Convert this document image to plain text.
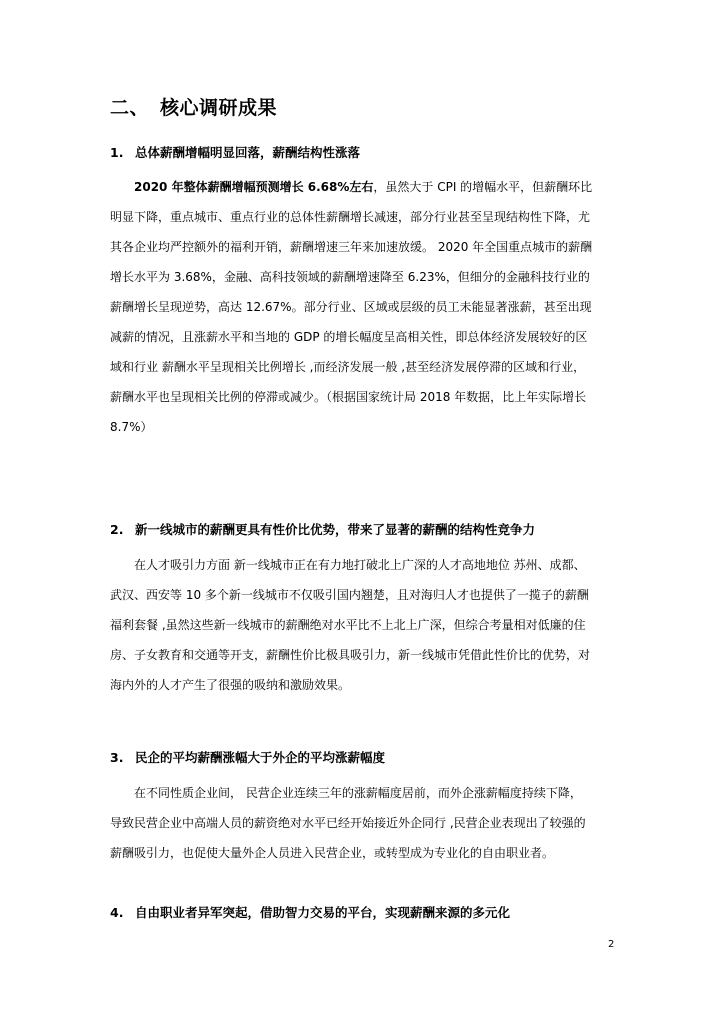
二、 核心调研成果
1. 总体薪酬增幅明显回落，薪酬结构性涨落
2020 年整体薪酬增幅预测增长 6.68%左右，虽然大于 CPI 的增幅水平，但薪酬环比
明显下降，重点城市、重点行业的总体性薪酬增长减速，部分行业甚至呈现结构性下降，尤
其各企业均严控额外的福利开销，薪酬增速三年来加速放缓。 2020 年全国重点城市的薪酬
增长水平为 3.68%，金融、高科技领域的薪酬增速降至 6.23%，但细分的金融科技行业的
薪酬增长呈现逆势，高达 12.67%。部分行业、区域或层级的员工未能显著涨薪，甚至出现
减薪的情况，且涨薪水平和当地的 GDP 的增长幅度呈高相关性，即总体经济发展较好的区
域和行业 薪酬水平呈现相关比例增长 ,而经济发展一般 ,甚至经济发展停滞的区域和行业，
薪酬水平也呈现相关比例的停滞或减少。（根据国家统计局 2018 年数据，比上年实际增长
8.7%）
2. 新一线城市的薪酬更具有性价比优势，带来了显著的薪酬的结构性竞争力
在人才吸引力方面 新一线城市正在有力地打破北上广深的人才高地地位 苏州、成都、
武汉、西安等 10 多个新一线城市不仅吸引国内翘楚，且对海归人才也提供了一揽子的薪酬
福利套餐 ,虽然这些新一线城市的薪酬绝对水平比不上北上广深，但综合考量相对低廉的住
房、子女教育和交通等开支，薪酬性价比极具吸引力，新一线城市凭借此性价比的优势，对
海内外的人才产生了很强的吸纳和激励效果。
3. 民企的平均薪酬涨幅大于外企的平均涨薪幅度
在不同性质企业间， 民营企业连续三年的涨薪幅度居前，而外企涨薪幅度持续下降，
导致民营企业中高端人员的薪资绝对水平已经开始接近外企同行 ,民营企业表现出了较强的
薪酬吸引力，也促使大量外企人员进入民营企业，或转型成为专业化的自由职业者。
4. 自由职业者异军突起，借助智力交易的平台，实现薪酬来源的多元化
2
